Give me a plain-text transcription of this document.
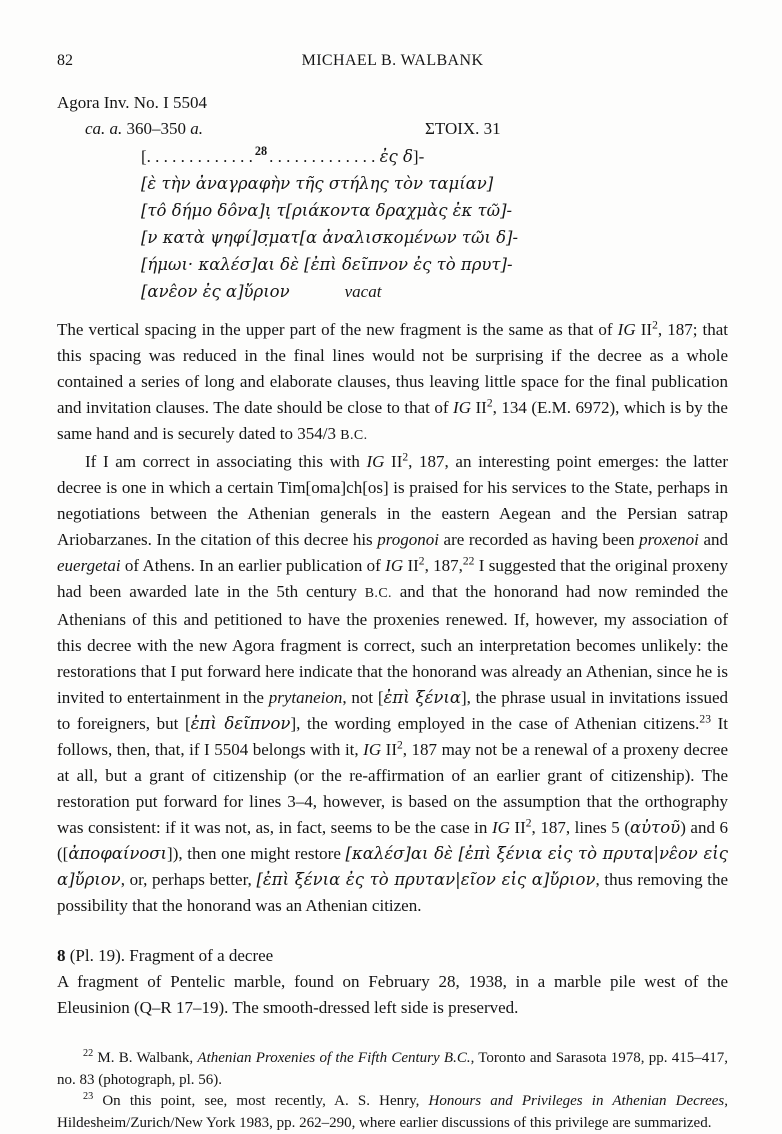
82	MICHAEL B. WALBANK
Agora Inv. No. I 5504
ca. a. 360–350 a.	ΣΤΟΙΧ. 31
[. . . . . . . . . . . . . $^{28}$ . . . . . . . . . . . . . ἐς δ]-
[ὲ τὴν ἀναγραφὴν τῆς στήλης τὸν ταμίαν]
[το̂ δήμο δο̂να]ι̣ τ[ριάκοντα δραχμὰς ἐκ τῶ]-
[ν κατὰ ψηφί]σ̣ματ[α ἀναλισκομένων τῶι δ]-
[ήμωι· καλέσ]αι δὲ [ἐπὶ δεῖπνον ἐς τὸ πρυτ]-
[ανε̂ον ἐς α]ὔριον	vacat

The vertical spacing in the upper part of the new fragment is the same as that of IG $II^2$, 187; that this spacing was reduced in the final lines would not be surprising if the decree as a whole contained a series of long and elaborate clauses, thus leaving little space for the final publication and invitation clauses. The date should be close to that of IG $II^2$, 134 (E.M. 6972), which is by the same hand and is securely dated to 354/3 B.C.

If I am correct in associating this with IG $II^2$, 187, an interesting point emerges: the latter decree is one in which a certain Tim[oma]ch[os] is praised for his services to the State, perhaps in negotiations between the Athenian generals in the eastern Aegean and the Persian satrap Ariobarzanes. In the citation of this decree his progonoi are recorded as having been proxenoi and euergetai of Athens. In an earlier publication of IG $II^2$, 187,22 I suggested that the original proxeny had been awarded late in the 5th century B.C. and that the honorand had now reminded the Athenians of this and petitioned to have the proxenies renewed. If, however, my association of this decree with the new Agora fragment is correct, such an interpretation becomes unlikely: the restorations that I put forward here indicate that the honorand was already an Athenian, since he is invited to entertainment in the prytaneion, not [ἐπὶ ξένια], the phrase usual in invitations issued to foreigners, but [ἐπὶ δεῖπνον], the wording employed in the case of Athenian citizens.$^{23}$ It follows, then, that, if I 5504 belongs with it, IG $II^2$, 187 may not be a renewal of a proxeny decree at all, but a grant of citizenship (or the re-affirmation of an earlier grant of citizenship). The restoration put forward for lines 3–4, however, is based on the assumption that the orthography was consistent: if it was not, as, in fact, seems to be the case in IG $II^2$, 187, lines 5 (αὐτοῦ) and 6 ([ἀποφαίνοσι]), then one might restore [καλέσ]αι δὲ [ἐπὶ ξένια εἰς τὸ πρυτα|νε̂ον εἰς α]ὔριον, or, perhaps better, [ἐπὶ ξένια ἐς τὸ πρυταν|εῖον εἰς α]ὔριον, thus removing the possibility that the honorand was an Athenian citizen.

8 (Pl. 19). Fragment of a decree

A fragment of Pentelic marble, found on February 28, 1938, in a marble pile west of the Eleusinion (Q–R 17–19). The smooth-dressed left side is preserved.

$^{22}$ M. B. Walbank, Athenian Proxenies of the Fifth Century B.C., Toronto and Sarasota 1978, pp. 415–417, no. 83 (photograph, pl. 56).

$^{23}$ On this point, see, most recently, A. S. Henry, Honours and Privileges in Athenian Decrees, Hildesheim/Zurich/New York 1983, pp. 262–290, where earlier discussions of this privilege are summarized.
